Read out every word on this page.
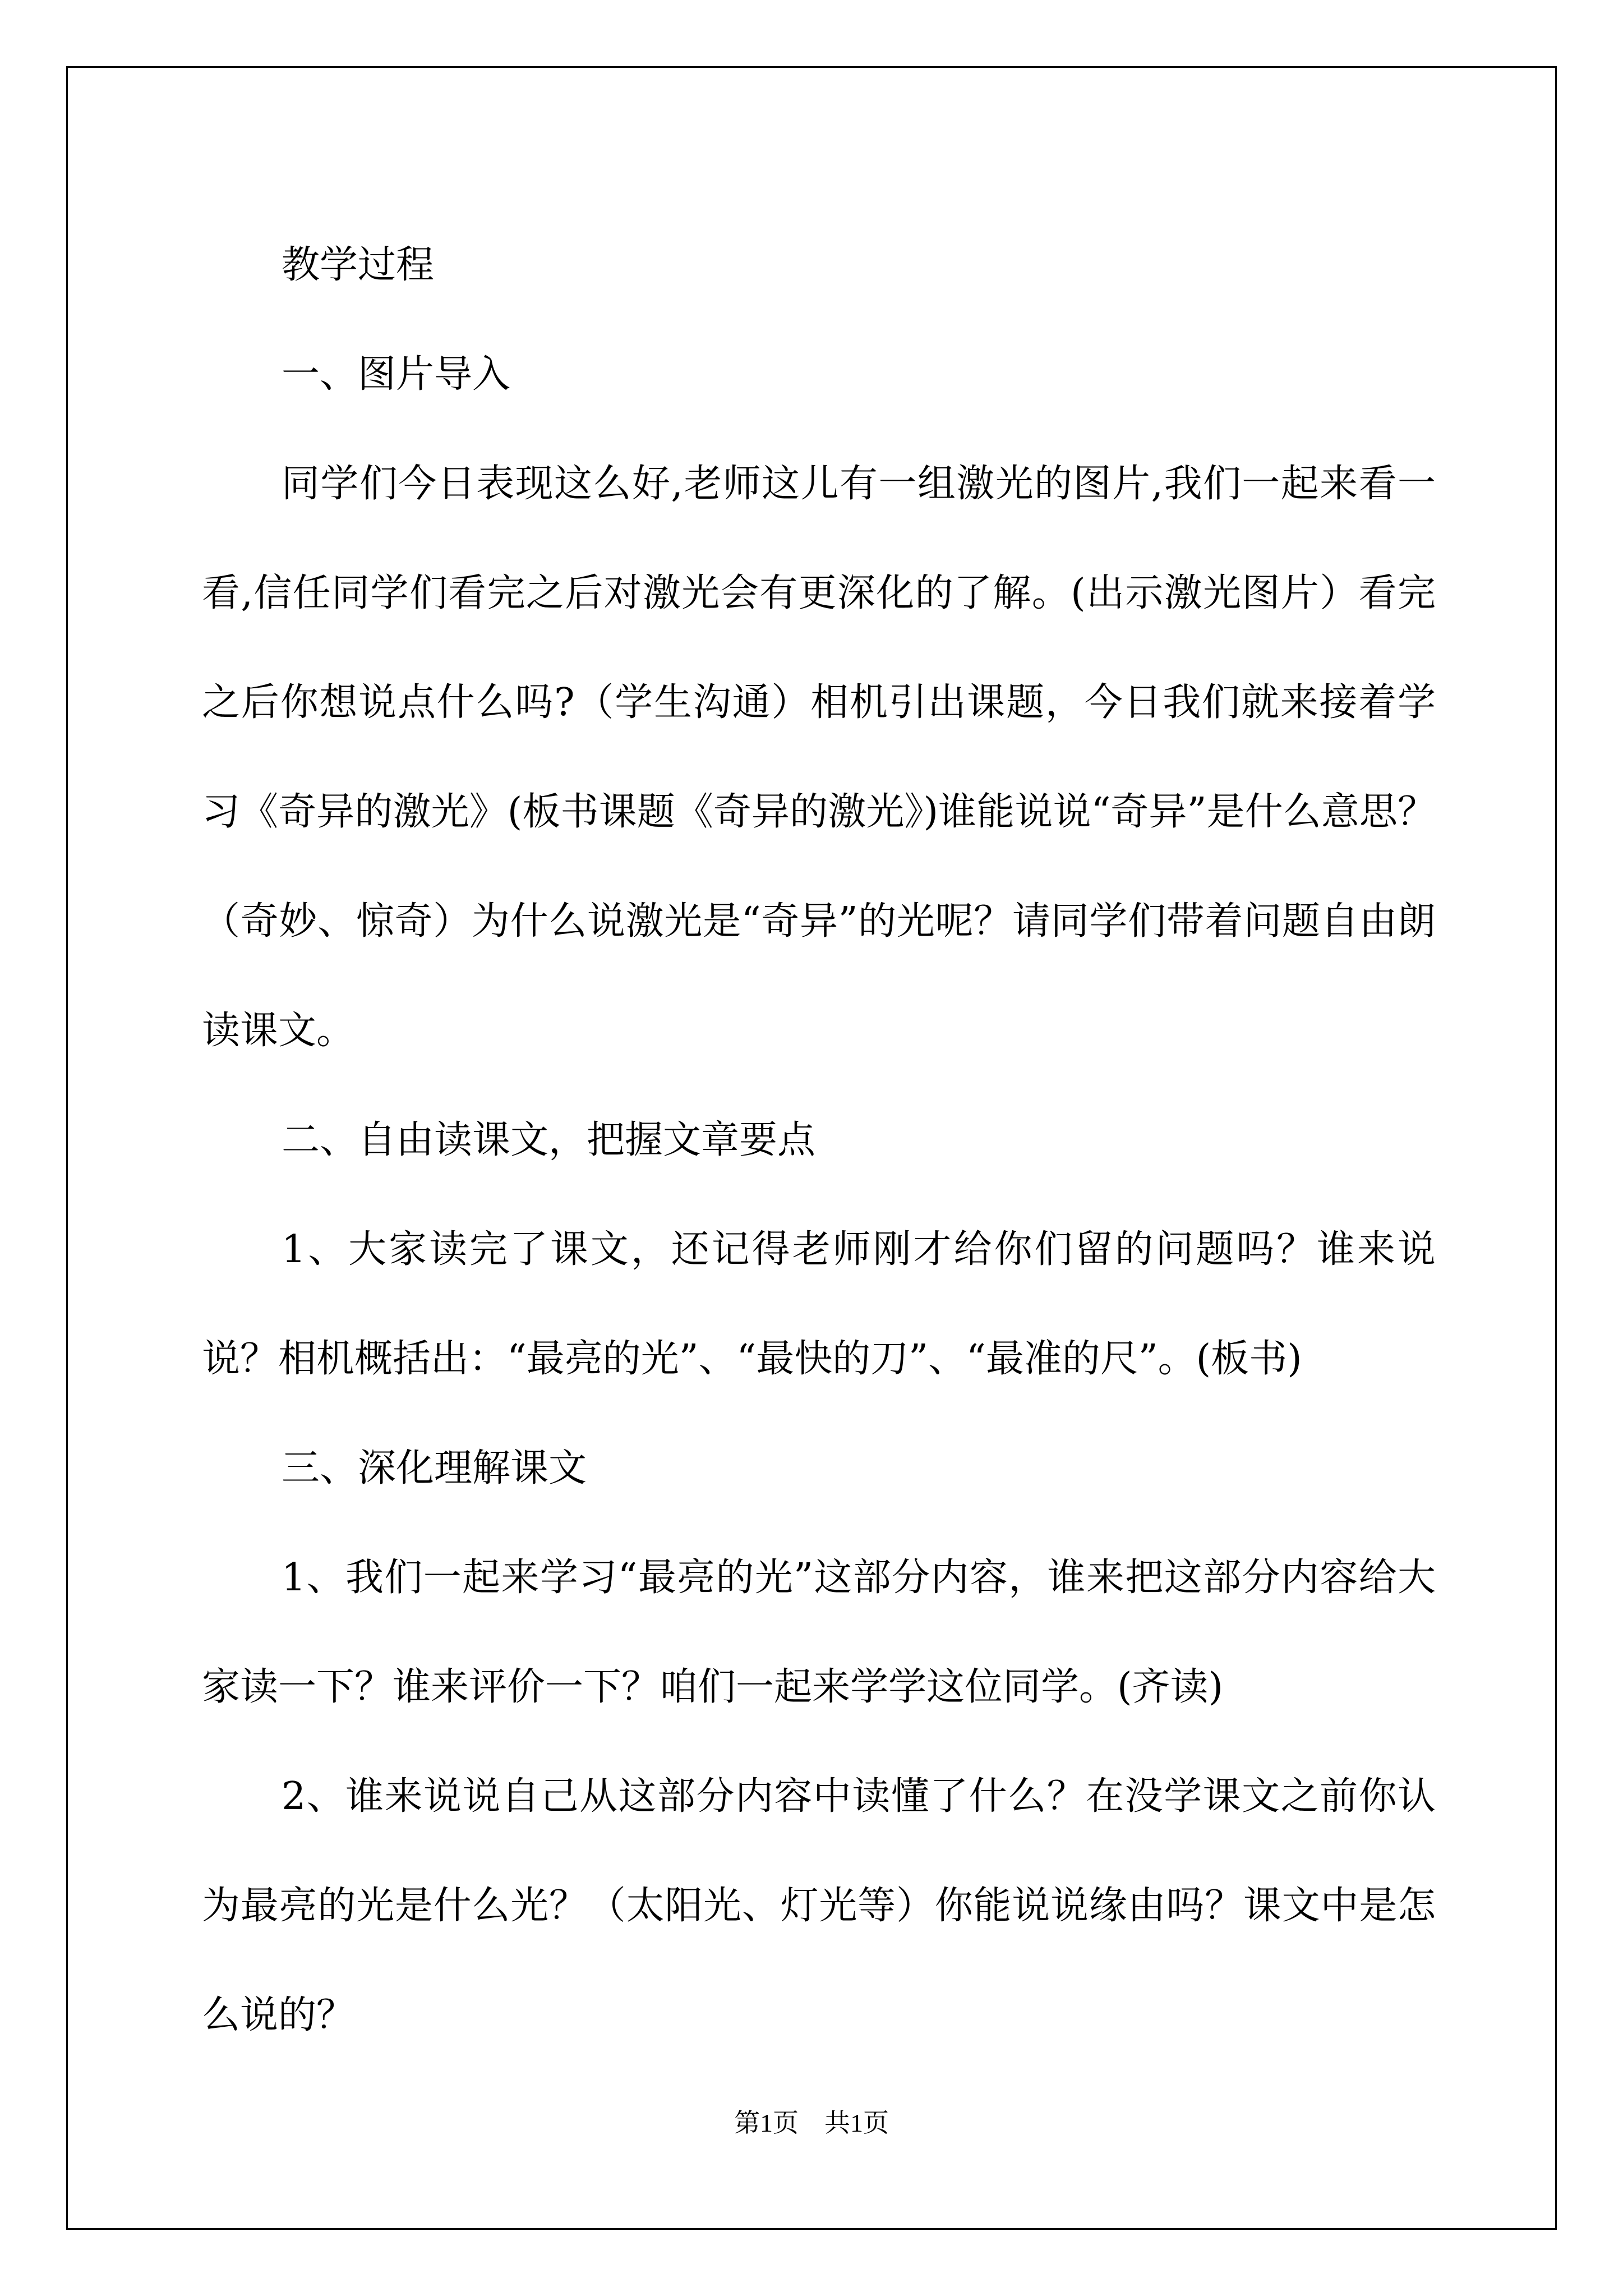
教学过程

一、图片导入

同学们今日表现这么好,老师这儿有一组激光的图片,我们一起来看一看,信任同学们看完之后对激光会有更深化的了解。(出示激光图片）看完之后你想说点什么吗?（学生沟通）相机引出课题，今日我们就来接着学习《奇异的激光》(板书课题《奇异的激光》)谁能说说“奇异”是什么意思？（奇妙、惊奇）为什么说激光是“奇异”的光呢？请同学们带着问题自由朗读课文。

二、自由读课文，把握文章要点

1、大家读完了课文，还记得老师刚才给你们留的问题吗？谁来说说？相机概括出：“最亮的光”、“最快的刀”、“最准的尺”。(板书)

三、深化理解课文

1、我们一起来学习“最亮的光”这部分内容，谁来把这部分内容给大家读一下？谁来评价一下？咱们一起来学学这位同学。(齐读)

2、谁来说说自己从这部分内容中读懂了什么？在没学课文之前你认为最亮的光是什么光？（太阳光、灯光等）你能说说缘由吗？课文中是怎么说的？

第1页　共1页
